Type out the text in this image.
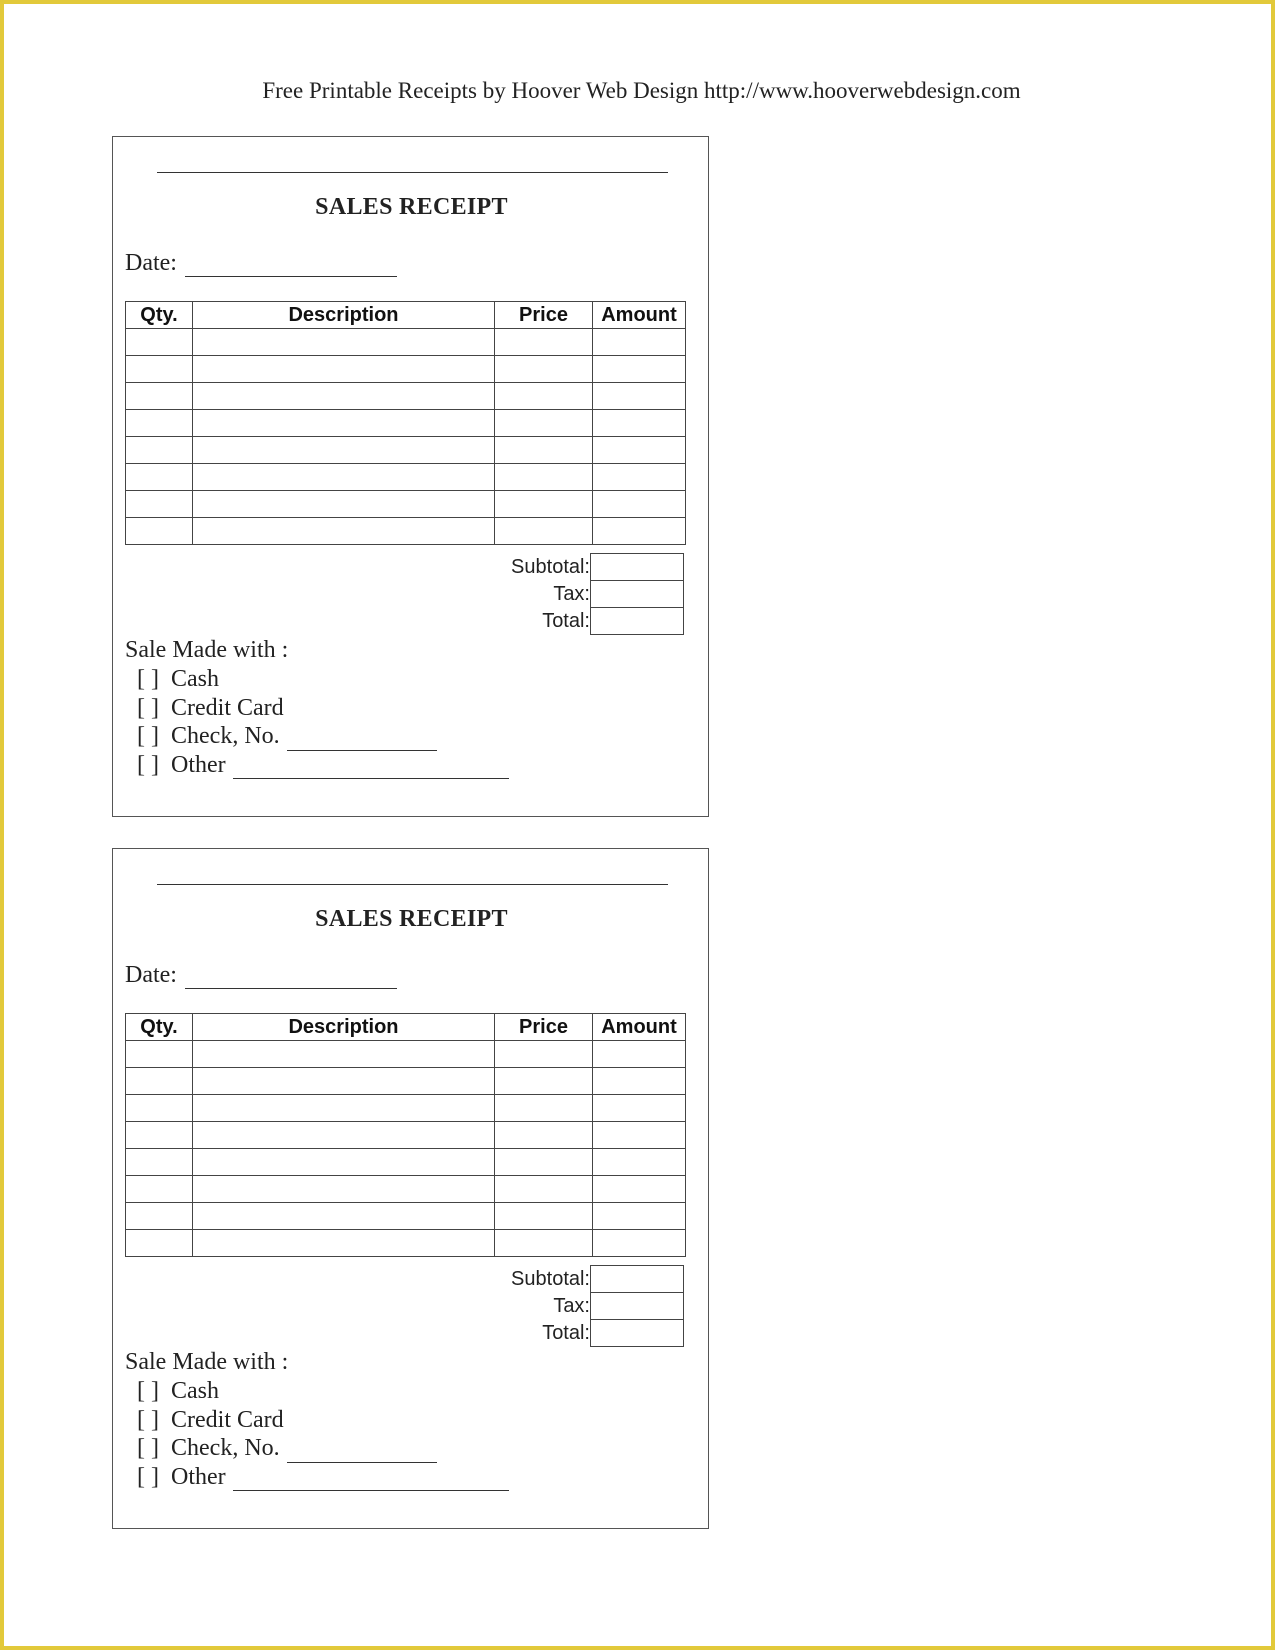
Free Printable Receipts by Hoover Web Design http://www.hooverwebdesign.com
SALES RECEIPT
Date:
Qty.	Description	Price	Amount

Subtotal:	
Tax:	
Total:	
Sale Made with :
[ ] Cash
[ ] Credit Card
[ ] Check, No.
[ ] Other
SALES RECEIPT
Date:
Qty.	Description	Price	Amount

Subtotal:	
Tax:	
Total:	
Sale Made with :
[ ] Cash
[ ] Credit Card
[ ] Check, No.
[ ] Other
